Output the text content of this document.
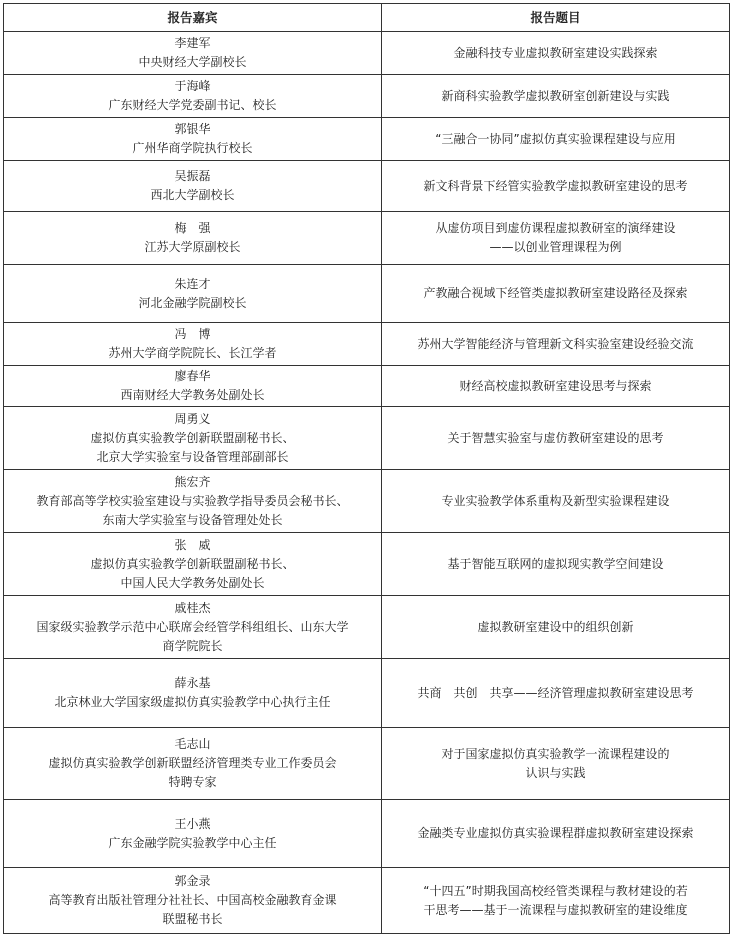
报告嘉宾	报告题目

李建军
中央财经大学副校长	金融科技专业虚拟教研室建设实践探索

于海峰
广东财经大学党委副书记、校长	新商科实验教学虚拟教研室创新建设与实践

郭银华
广州华商学院执行校长	“三融合一协同”虚拟仿真实验课程建设与应用

吴振磊
西北大学副校长	新文科背景下经管实验教学虚拟教研室建设的思考

梅　强
江苏大学原副校长	从虚仿项目到虚仿课程虚拟教研室的演绎建设
——以创业管理课程为例

朱连才
河北金融学院副校长	产教融合视域下经管类虚拟教研室建设路径及探索

冯　博
苏州大学商学院院长、长江学者	苏州大学智能经济与管理新文科实验室建设经验交流

廖春华
西南财经大学教务处副处长	财经高校虚拟教研室建设思考与探索

周勇义
虚拟仿真实验教学创新联盟副秘书长、
北京大学实验室与设备管理部副部长	关于智慧实验室与虚仿教研室建设的思考

熊宏齐
教育部高等学校实验室建设与实验教学指导委员会秘书长、
东南大学实验室与设备管理处处长	专业实验教学体系重构及新型实验课程建设

张　威
虚拟仿真实验教学创新联盟副秘书长、
中国人民大学教务处副处长	基于智能互联网的虚拟现实教学空间建设

戚桂杰
国家级实验教学示范中心联席会经管学科组组长、山东大学
商学院院长	虚拟教研室建设中的组织创新

薛永基
北京林业大学国家级虚拟仿真实验教学中心执行主任	共商　共创　共享——经济管理虚拟教研室建设思考

毛志山
虚拟仿真实验教学创新联盟经济管理类专业工作委员会
特聘专家	对于国家虚拟仿真实验教学一流课程建设的
认识与实践

王小燕
广东金融学院实验教学中心主任	金融类专业虚拟仿真实验课程群虚拟教研室建设探索

郭金录
高等教育出版社管理分社社长、中国高校金融教育金课
联盟秘书长	“十四五”时期我国高校经管类课程与教材建设的若
干思考——基于一流课程与虚拟教研室的建设维度
